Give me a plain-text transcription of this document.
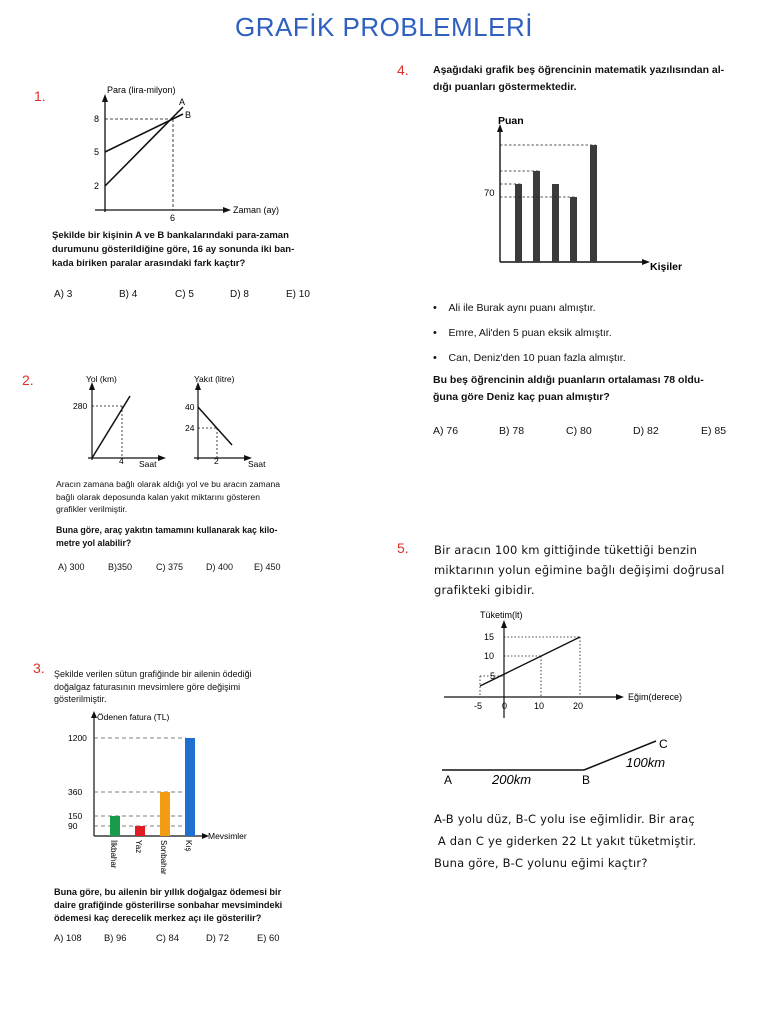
GRAFİK PROBLEMLERİ
1.	Para (lira-milyon)
Zaman (ay)
A
B
8
5
2
6
Şekilde bir kişinin A ve B bankalarındaki para-zaman
durumunu gösterildiğine göre, 16 ay sonunda iki ban-
kada biriken paralar arasındaki fark kaçtır?
A) 3	B) 4	C) 5	D) 8	E) 10
2.	Yol (km)
Saat
280
4
Yakıt (litre)
Saat
40
24
2
Aracın zamana bağlı olarak aldığı yol ve bu aracın zamana
bağlı olarak deposunda kalan yakıt miktarını gösteren
grafikler verilmiştir.
Buna göre, araç yakıtın tamamını kullanarak kaç kilo-
metre yol alabilir?
A) 300	B)350	C) 375	D) 400 E) 450
3. Şekilde verilen sütun grafiğinde bir ailenin ödediği
doğalgaz faturasının mevsimlere göre değişimi
gösterilmiştir.
Ödenen fatura (TL)
Mevsimler
1200
360
150
90
İlkbahar Yaz Sonbahar Kış
Buna göre, bu ailenin bir yıllık doğalgaz ödemesi bir
daire grafiğinde gösterilirse sonbahar mevsimindeki
ödemesi kaç derecelik merkez açı ile gösterilir?
A) 108 B) 96	C) 84	D) 72	E) 60
4. Aşağıdaki grafik beş öğrencinin matematik yazılısından al-
dığı puanları göstermektedir.
Puan
Kişiler
70
• Ali ile Burak aynı puanı almıştır.
• Emre, Ali'den 5 puan eksik almıştır.
• Can, Deniz'den 10 puan fazla almıştır.
Bu beş öğrencinin aldığı puanların ortalaması 78 oldu-
ğuna göre Deniz kaç puan almıştır?
A) 76	B) 78	C) 80	D) 82	E) 85
5. Bir aracın 100 km gittiğinde tükettiği benzin
miktarının yolun eğimine bağlı değişimi doğrusal
grafikteki gibidir.
Tüketim(lt)
Eğim(derece)
15
10
5
-5 0	10	20
A	B
C
200km
100km
A-B yolu düz, B-C yolu ise eğimlidir. Bir araç
A dan C ye giderken 22 Lt yakıt tüketmiştir.
Buna göre, B-C yolunu eğimi kaçtır?
